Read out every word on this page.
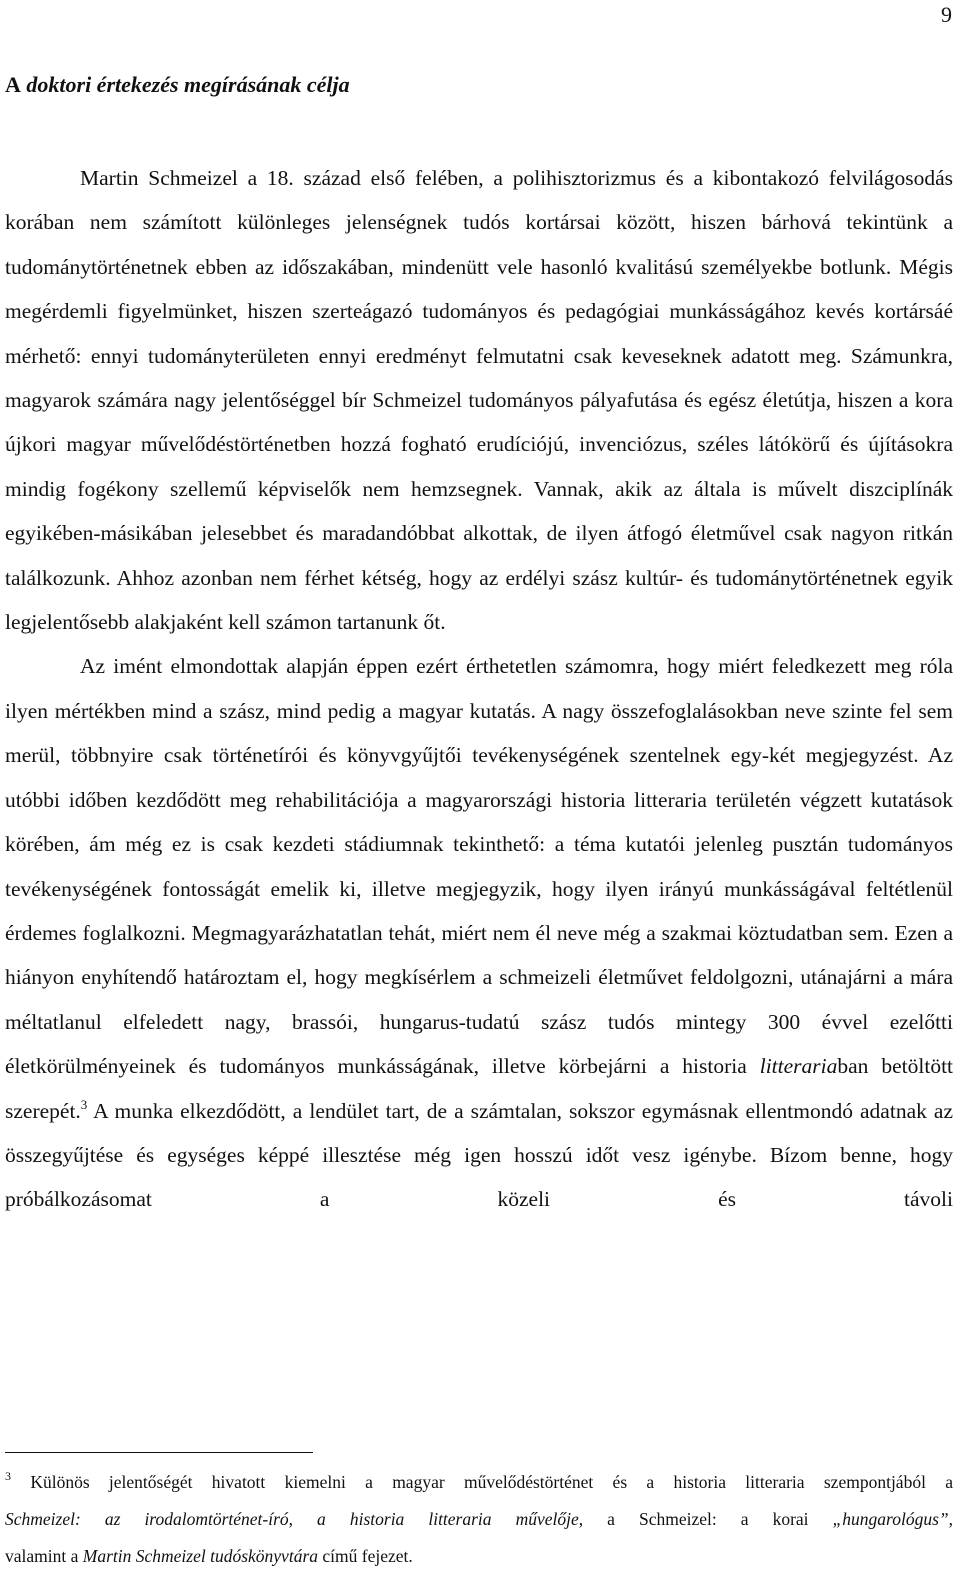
9
A doktori értekezés megírásának célja

Martin Schmeizel a 18. század első felében, a polihisztorizmus és a kibontakozó felvilágosodás korában nem számított különleges jelenségnek tudós kortársai között, hiszen bárhová tekintünk a tudománytörténetnek ebben az időszakában, mindenütt vele hasonló kvalitású személyekbe botlunk. Mégis megérdemli figyelmünket, hiszen szerteágazó tudományos és pedagógiai munkásságához kevés kortársáé mérhető: ennyi tudományterületen ennyi eredményt felmutatni csak keveseknek adatott meg. Számunkra, magyarok számára nagy jelentőséggel bír Schmeizel tudományos pályafutása és egész életútja, hiszen a kora újkori magyar művelődéstörténetben hozzá fogható erudíciójú, invenciózus, széles látókörű és újításokra mindig fogékony szellemű képviselők nem hemzsegnek. Vannak, akik az általa is művelt diszciplínák egyikében-másikában jelesebbet és maradandóbbat alkottak, de ilyen átfogó életművel csak nagyon ritkán találkozunk. Ahhoz azonban nem férhet kétség, hogy az erdélyi szász kultúr- és tudománytörténetnek egyik legjelentősebb alakjaként kell számon tartanunk őt.

Az imént elmondottak alapján éppen ezért érthetetlen számomra, hogy miért feledkezett meg róla ilyen mértékben mind a szász, mind pedig a magyar kutatás. A nagy összefoglalásokban neve szinte fel sem merül, többnyire csak történetírói és könyvgyűjtői tevékenységének szentelnek egy-két megjegyzést. Az utóbbi időben kezdődött meg rehabilitációja a magyarországi historia litteraria területén végzett kutatások körében, ám még ez is csak kezdeti stádiumnak tekinthető: a téma kutatói jelenleg pusztán tudományos tevékenységének fontosságát emelik ki, illetve megjegyzik, hogy ilyen irányú munkásságával feltétlenül érdemes foglalkozni. Megmagyarázhatatlan tehát, miért nem él neve még a szakmai köztudatban sem. Ezen a hiányon enyhítendő határoztam el, hogy megkísérlem a schmeizeli életművet feldolgozni, utánajárni a mára méltatlanul elfeledett nagy, brassói, hungarus-tudatú szász tudós mintegy 300 évvel ezelőtti életkörülményeinek és tudományos munkásságának, illetve körbejárni a historia litterariaban betöltött szerepét.$^3$ A munka elkezdődött, a lendület tart, de a számtalan, sokszor egymásnak ellentmondó adatnak az összegyűjtése és egységes képpé illesztése még igen hosszú időt vesz igénybe. Bízom benne, hogy próbálkozásomat a közeli és távoli

$^3$ Különös jelentőségét hivatott kiemelni a magyar művelődéstörténet és a historia litteraria szempontjából a
Schmeizel: az irodalomtörténet-író, a historia litteraria művelője, a Schmeizel: a korai „hungarológus”,
valamint a Martin Schmeizel tudóskönyvtára című fejezet.
